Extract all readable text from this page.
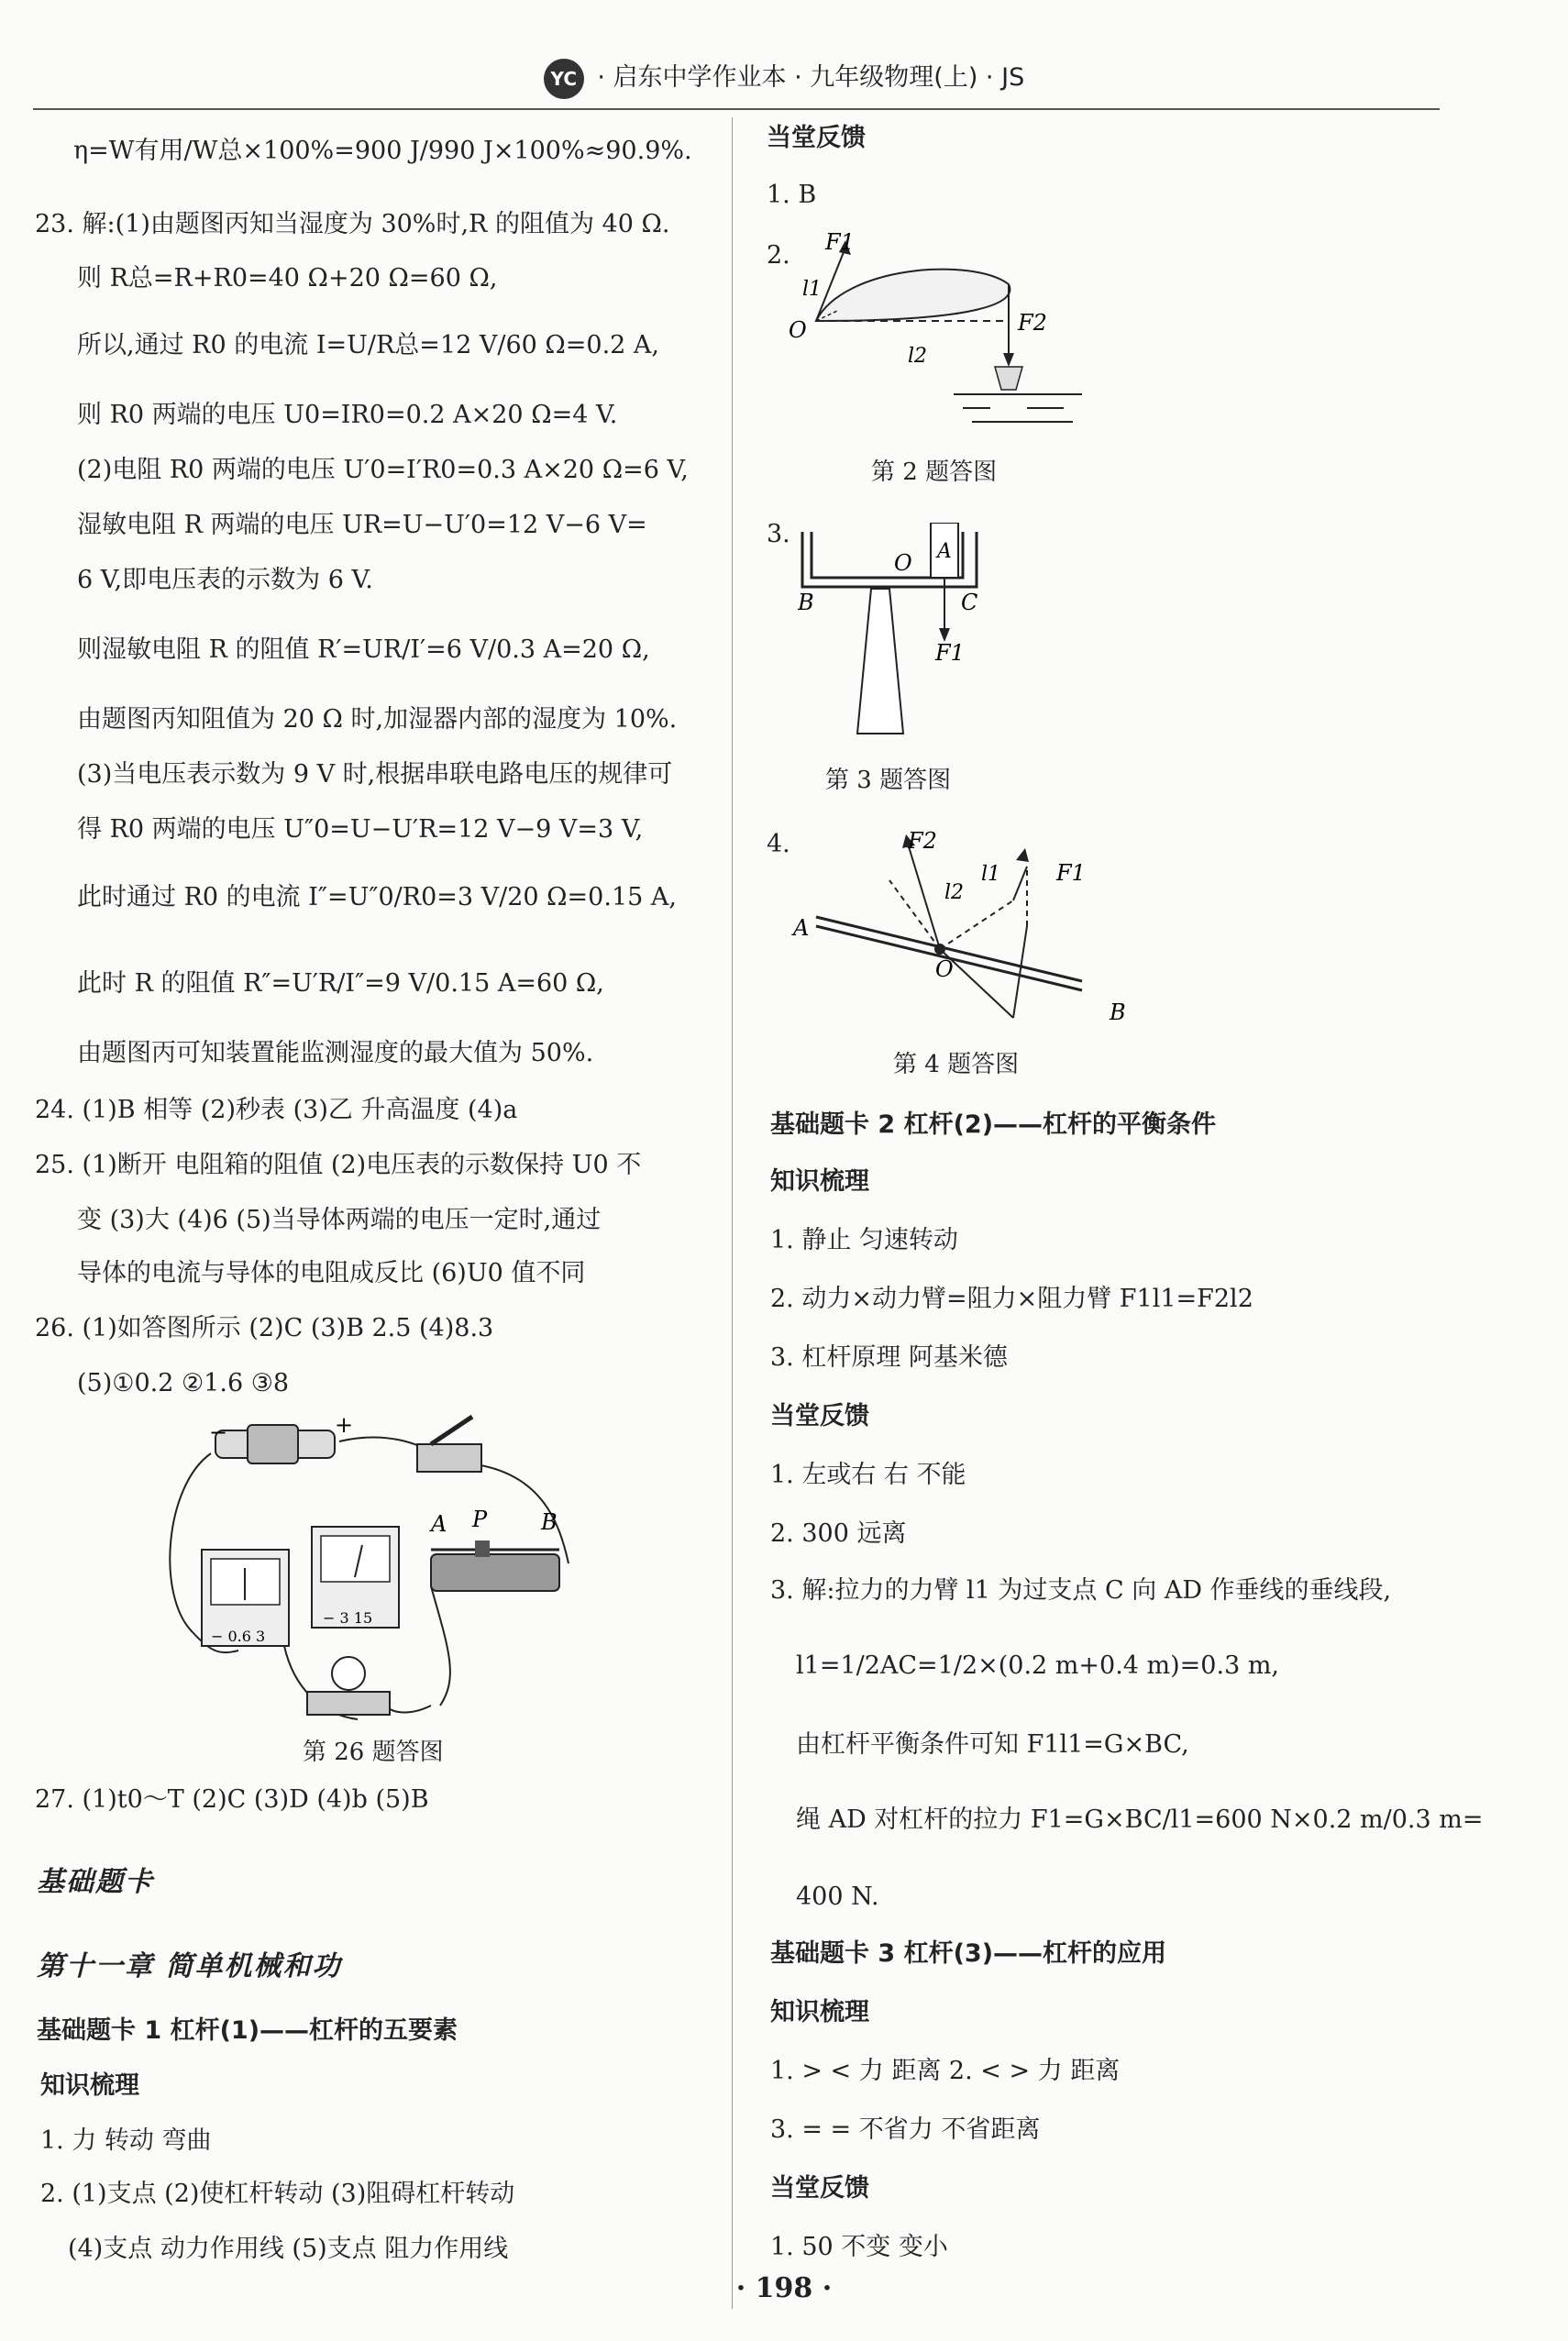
YC · 启东中学作业本 · 九年级物理(上) · JS
η=W有用/W总×100%=900 J/990 J×100%≈90.9%.
23. 解:(1)由题图丙知当湿度为 30%时,R 的阻值为 40 Ω.
则 R总=R+R0=40 Ω+20 Ω=60 Ω,
所以,通过 R0 的电流 I=U/R总=12 V/60 Ω=0.2 A,
则 R0 两端的电压 U0=IR0=0.2 A×20 Ω=4 V.
(2)电阻 R0 两端的电压 U′0=I′R0=0.3 A×20 Ω=6 V,
湿敏电阻 R 两端的电压 UR=U−U′0=12 V−6 V=
6 V,即电压表的示数为 6 V.
则湿敏电阻 R 的阻值 R′=UR/I′=6 V/0.3 A=20 Ω,
由题图丙知阻值为 20 Ω 时,加湿器内部的湿度为 10%.
(3)当电压表示数为 9 V 时,根据串联电路电压的规律可
得 R0 两端的电压 U″0=U−U′R=12 V−9 V=3 V,
此时通过 R0 的电流 I″=U″0/R0=3 V/20 Ω=0.15 A,
此时 R 的阻值 R″=U′R/I″=9 V/0.15 A=60 Ω,
由题图丙可知装置能监测湿度的最大值为 50%.
24. (1)B 相等 (2)秒表 (3)乙 升高温度 (4)a
25. (1)断开 电阻箱的阻值 (2)电压表的示数保持 U0 不
变 (3)大 (4)6 (5)当导体两端的电压一定时,通过
导体的电流与导体的电阻成反比 (6)U0 值不同
26. (1)如答图所示 (2)C (3)B 2.5 (4)8.3
(5)①0.2 ②1.6 ③8
−	+
− 0.6 3
− 3 15
A P B
第 26 题答图
27. (1)t0～T (2)C (3)D (4)b (5)B
基础题卡
第十一章 简单机械和功
基础题卡 1 杠杆(1)——杠杆的五要素
知识梳理
1. 力 转动 弯曲
2. (1)支点 (2)使杠杆转动 (3)阻碍杠杆转动
(4)支点 动力作用线 (5)支点 阻力作用线
当堂反馈
1. B
2. F1
l1
O	F2
l2
第 2 题答图
3.
O A
B	C
F1
第 3 题答图
4.	F2
l2
l1	F1
A
O
B
第 4 题答图
基础题卡 2 杠杆(2)——杠杆的平衡条件
知识梳理
1. 静止 匀速转动
2. 动力×动力臂=阻力×阻力臂 F1l1=F2l2
3. 杠杆原理 阿基米德
当堂反馈
1. 左或右 右 不能
2. 300 远离
3. 解:拉力的力臂 l1 为过支点 C 向 AD 作垂线的垂线段,
l1=1/2AC=1/2×(0.2 m+0.4 m)=0.3 m,
由杠杆平衡条件可知 F1l1=G×BC,
绳 AD 对杠杆的拉力 F1=G×BC/l1=600 N×0.2 m/0.3 m=
400 N.
基础题卡 3 杠杆(3)——杠杆的应用
知识梳理
1. > < 力 距离 2. < > 力 距离
3. = = 不省力 不省距离
当堂反馈
1. 50 不变 变小
· 198 ·
